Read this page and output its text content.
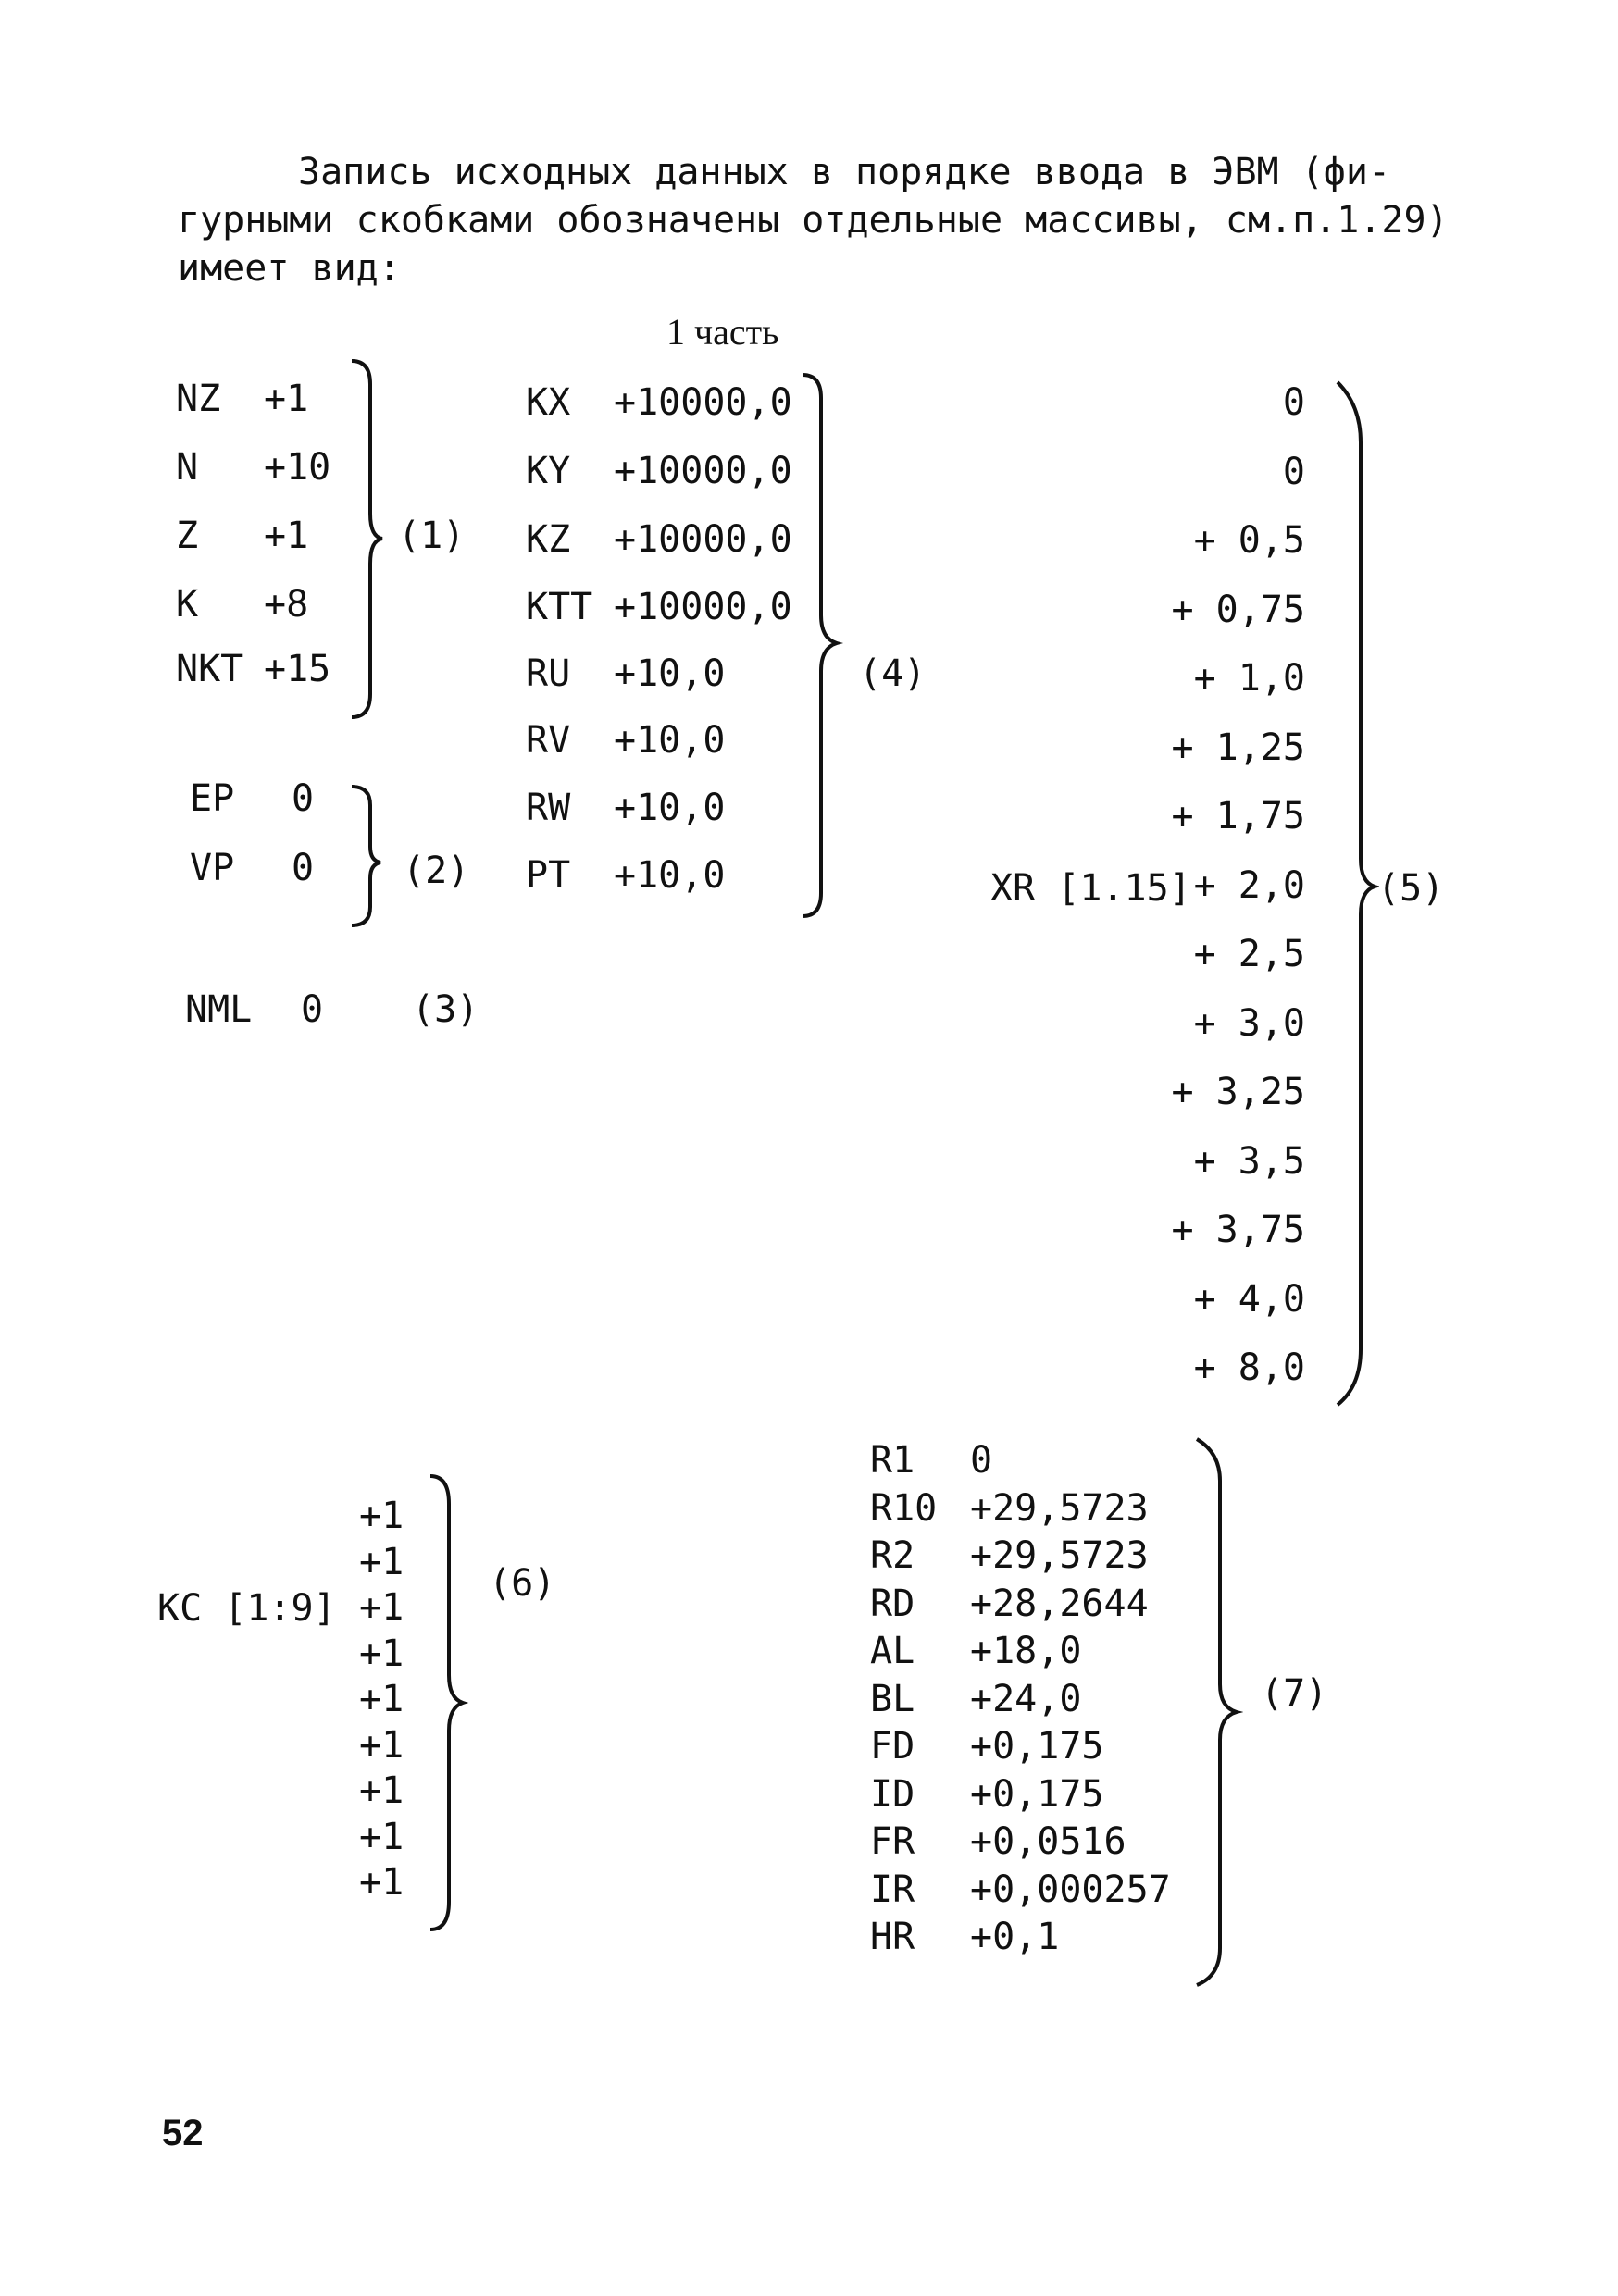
Запись исходных данных в порядке ввода в ЭВМ (фи-
гурными скобками обозначены отдельные массивы, см.п.1.29)
имеет вид:
1 часть
NZ +1
N +10
Z +1
K +8
NKT +15
(1)
EP 0
VP 0 (2)
NML 0 (3)
KX +10000,0
KY +10000,0
KZ +10000,0
KTT +10000,0
RU +10,0
RV +10,0
RW +10,0
PT +10,0
(4)
0
0
+ 0,5
+ 0,75
+ 1,0
+ 1,25
+ 1,75
+ 2,0
+ 2,5
+ 3,0
+ 3,25
+ 3,5
+ 3,75
+ 4,0
+ 8,0
XR [1.15]	(5)
+1
+1
+1
+1
+1
+1
+1
+1
+1
KC [1:9]
(6)
R1 0
R10 +29,5723
R2 +29,5723
RD +28,2644
AL +18,0
BL +24,0
FD +0,175
ID +0,175
FR +0,0516
IR +0,000257
HR +0,1
(7)
52
